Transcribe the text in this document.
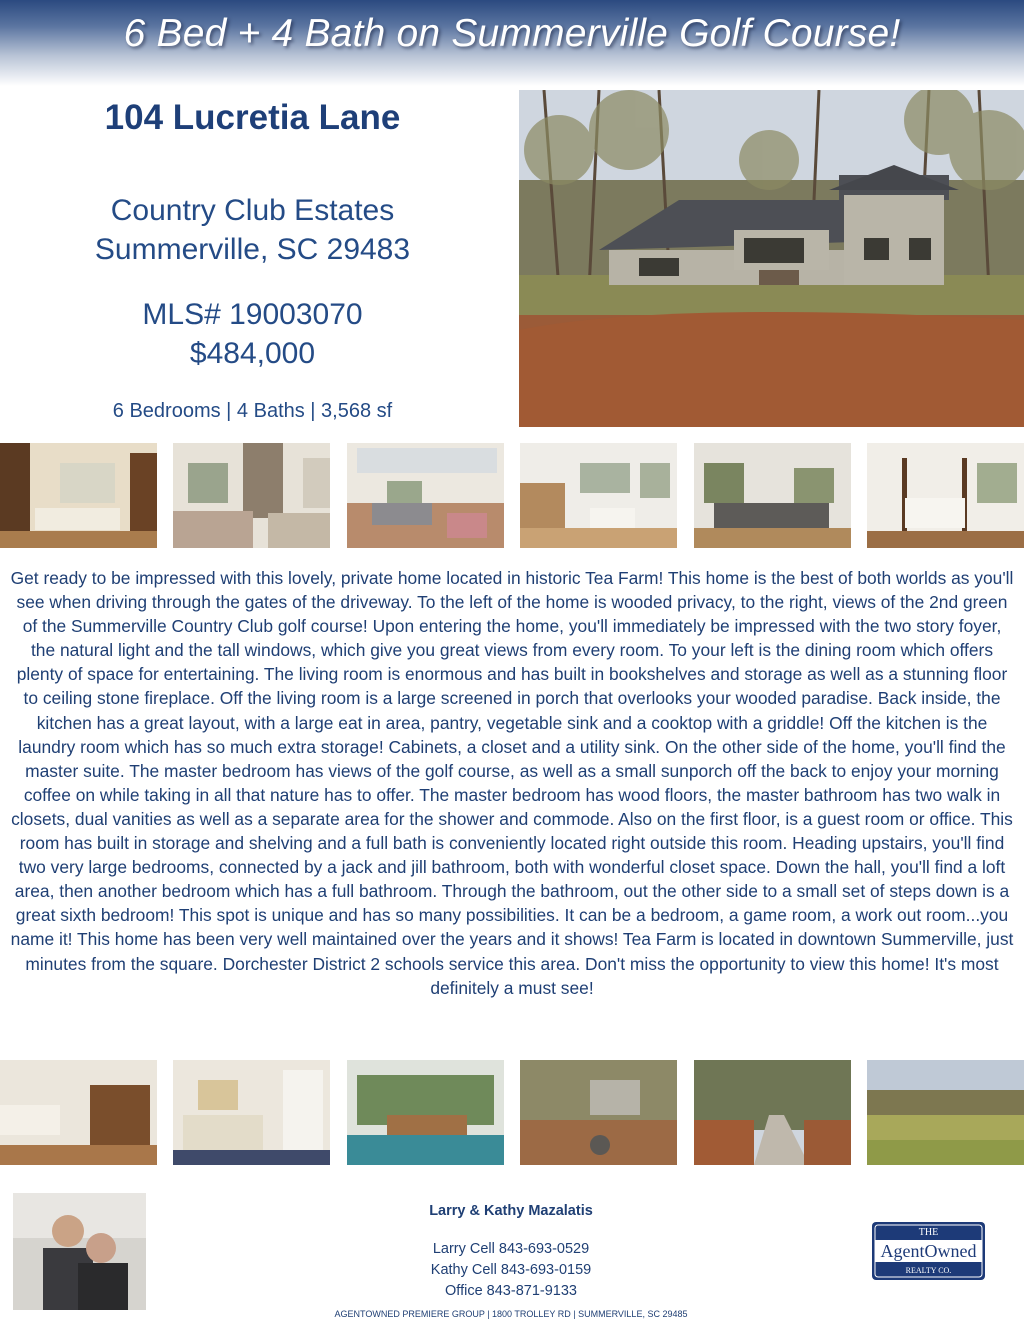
6 Bed + 4 Bath on Summerville Golf Course!
104 Lucretia Lane
Country Club Estates
Summerville, SC 29483
MLS# 19003070
$484,000
6 Bedrooms | 4 Baths | 3,568 sf
Get ready to be impressed with this lovely, private home located in historic Tea Farm! This home is the best of both worlds as you'll see when driving through the gates of the driveway. To the left of the home is wooded privacy, to the right, views of the 2nd green of the Summerville Country Club golf course! Upon entering the home, you'll immediately be impressed with the two story foyer, the natural light and the tall windows, which give you great views from every room. To your left is the dining room which offers plenty of space for entertaining. The living room is enormous and has built in bookshelves and storage as well as a stunning floor to ceiling stone fireplace. Off the living room is a large screened in porch that overlooks your wooded paradise. Back inside, the kitchen has a great layout, with a large eat in area, pantry, vegetable sink and a cooktop with a griddle! Off the kitchen is the laundry room which has so much extra storage! Cabinets, a closet and a utility sink. On the other side of the home, you'll find the master suite. The master bedroom has views of the golf course, as well as a small sunporch off the back to enjoy your morning coffee on while taking in all that nature has to offer. The master bedroom has wood floors, the master bathroom has two walk in closets, dual vanities as well as a separate area for the shower and commode. Also on the first floor, is a guest room or office. This room has built in storage and shelving and a full bath is conveniently located right outside this room. Heading upstairs, you'll find two very large bedrooms, connected by a jack and jill bathroom, both with wonderful closet space. Down the hall, you'll find a loft area, then another bedroom which has a full bathroom. Through the bathroom, out the other side to a small set of steps down is a great sixth bedroom! This spot is unique and has so many possibilities. It can be a bedroom, a game room, a work out room...you name it! This home has been very well maintained over the years and it shows! Tea Farm is located in downtown Summerville, just minutes from the square. Dorchester District 2 schools service this area. Don't miss the opportunity to view this home! It's most definitely a must see!
Larry & Kathy Mazalatis
Larry Cell 843-693-0529
Kathy Cell 843-693-0159
Office 843-871-9133
AGENTOWNED PREMIERE GROUP | 1800 TROLLEY RD | SUMMERVILLE, SC 29485
THE
AgentOwned
REALTY CO.
